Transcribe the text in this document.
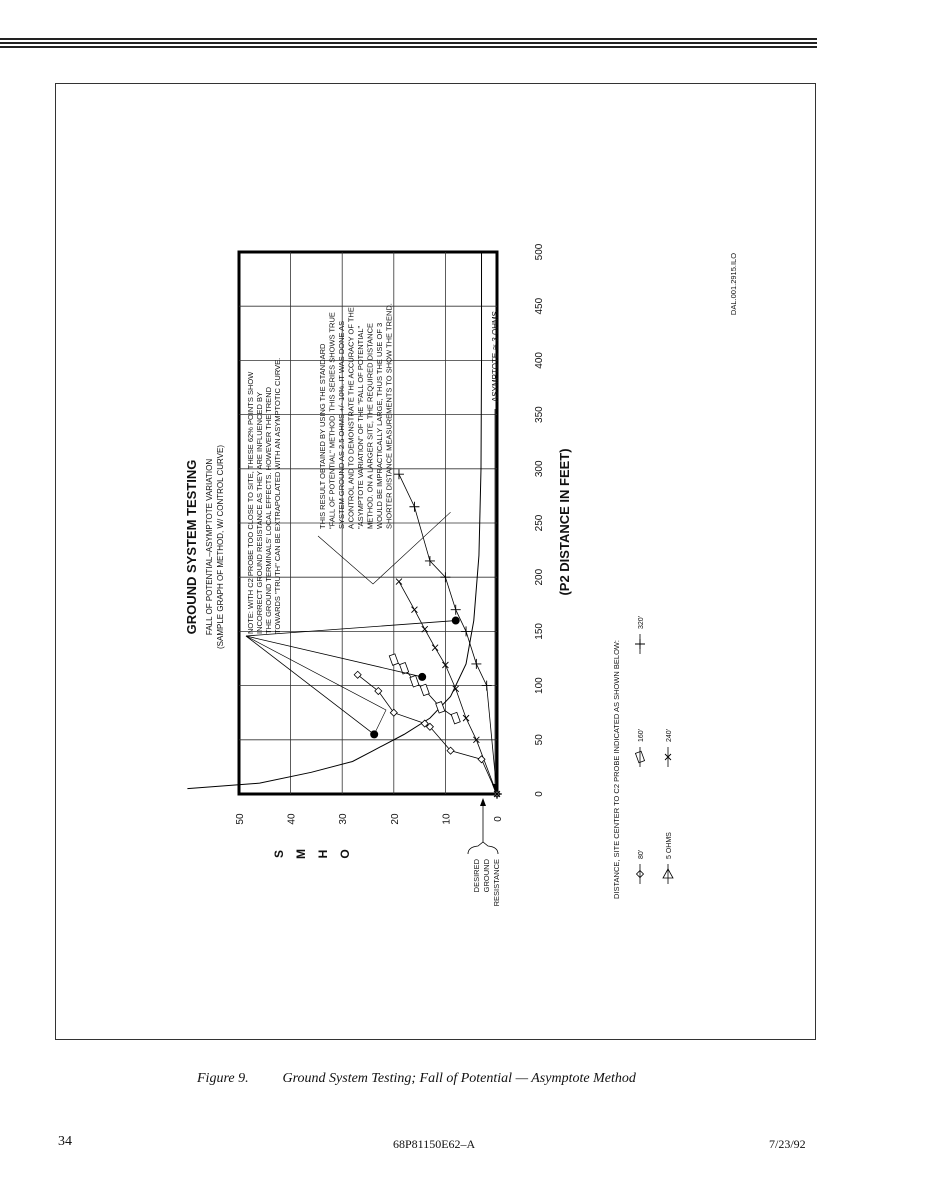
0
50
100
150
200
250
300
350
400
450
500
0
10
20
30
40
50
(P2 DISTANCE IN FEET)
O
H
M
S
GROUND SYSTEM TESTING FALL OF POTENTIAL–ASYMPTOTE VARIATION (SAMPLE GRAPH OF METHOD, W/ CONTROL CURVE)	NOTE: WITH C2 PROBE TOO CLOSE TO SITE, THESE 62% POINTS SHOW INCORRECT GROUND RESISTANCE AS THEY ARE INFLUENCED BY THE GROUND TERMINALS' LOCAL EFFECTS. HOWEVER THE TREND TOWARDS "TRUTH" CAN BE EXTRAPOLATED WITH AN ASYMPTOTIC CURVE.	THIS RESULT OBTAINED BY USING THE STANDARD "FALL OF POTENTIAL" METHOD. THIS SERIES SHOWS TRUE SYSTEM GROUND AS 2.5 OHMS +/- 10%. IT WAS DONE AS A CONTROL AND TO DEMONSTRATE THE ACCURACY OF THE "ASYMPTOTE VARIATION" OF THE "FALL OF POTENTIAL" METHOD. ON A LARGER SITE, THE REQUIRED DISTANCE WOULD BE IMPRACTICALLY LARGE, THUS THE USE OF 3 SHORTER DISTANCE MEASUREMENTS TO SHOW THE TREND.	ASYMPTOTE ≅ 3 OHMS
DESIRED GROUND RESISTANCE	DISTANCE, SITE CENTER TO C2 PROBE INDICATED AS SHOWN BELOW: 80'
160'
320'
5 OHMS
240'
DAL.001.2915.ILO
Figure 9. Ground System Testing; Fall of Potential — Asymptote Method
34	68P81150E62–A	7/23/92
